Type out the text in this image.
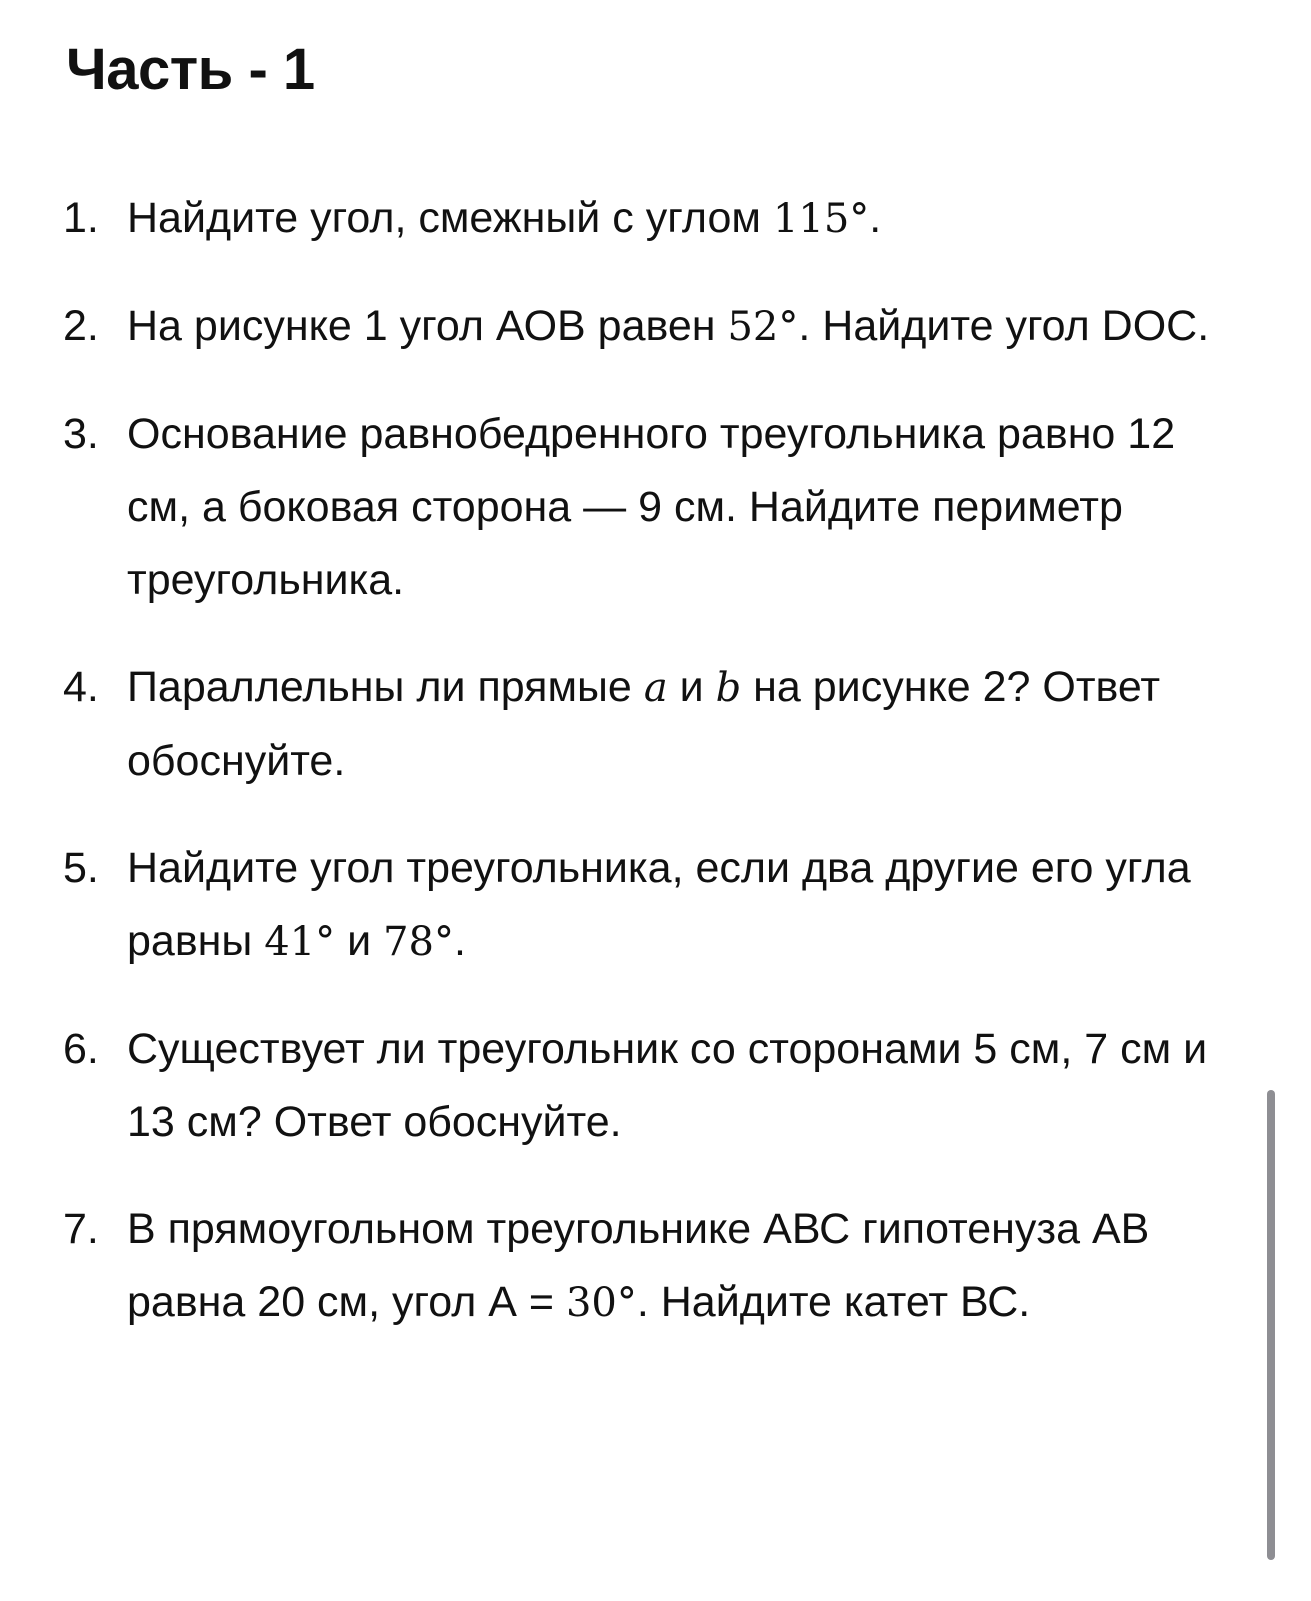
Часть - 1
1. Найдите угол, смежный с углом 115°.
2. На рисунке 1 угол АОВ равен 52°. Найдите угол DOC.
3. Основание равнобедренного треугольника равно 12 см, а боковая сторона — 9 см. Найдите периметр треугольника.
4. Параллельны ли прямые a и b на рисунке 2? Ответ обоснуйте.
5. Найдите угол треугольника, если два другие его угла равны 41° и 78°.
6. Существует ли треугольник со сторонами 5 см, 7 см и 13 см? Ответ обоснуйте.
7. В прямоугольном треугольнике АВС гипотенуза АВ равна 20 см, угол А = 30°. Найдите катет ВС.
